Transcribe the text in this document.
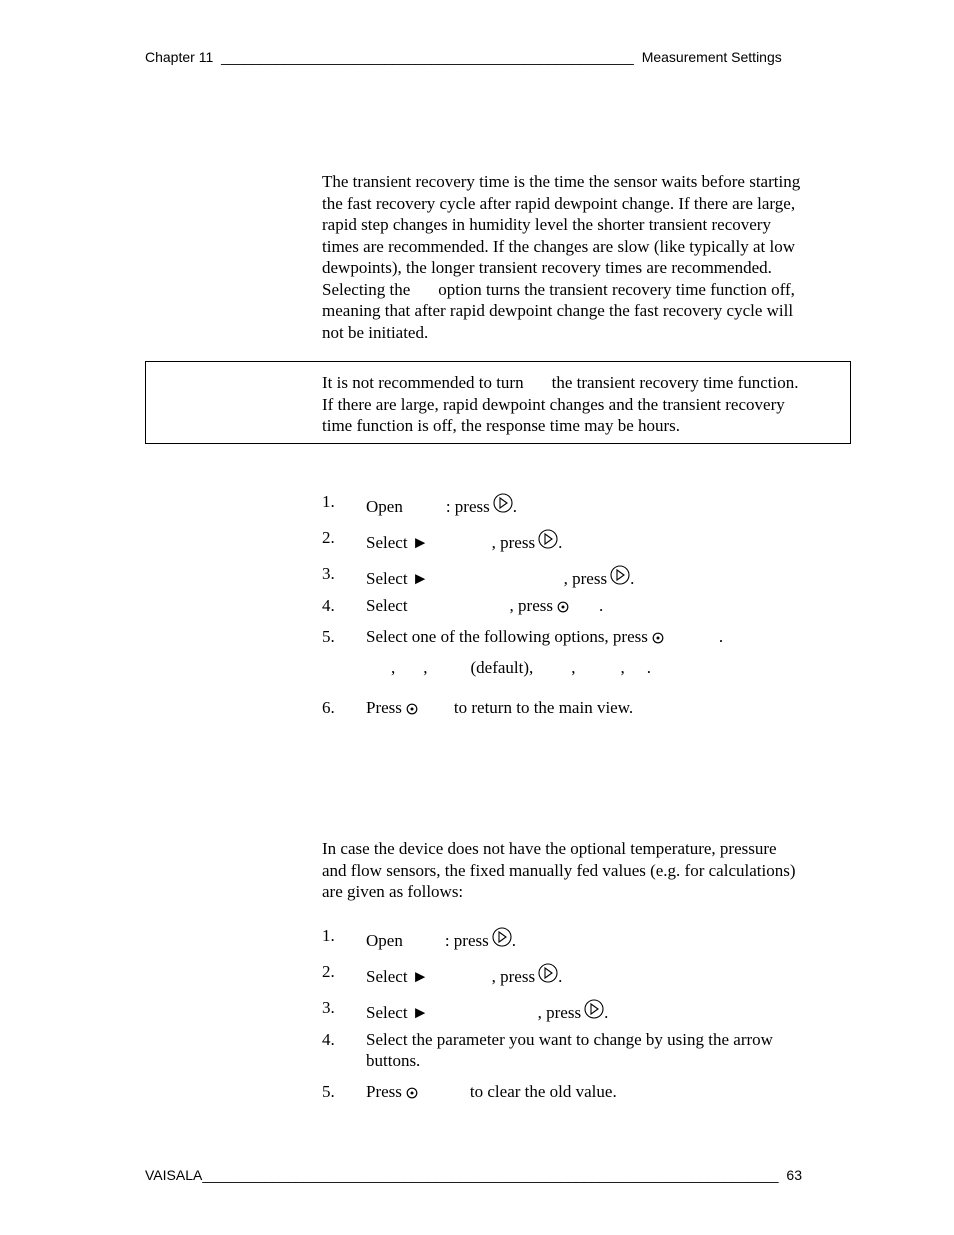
Chapter 11 _____________________________________________________ Measurement Settings
The transient recovery time is the time the sensor waits before starting
the fast recovery cycle after rapid dewpoint change. If there are large,
rapid step changes in humidity level the shorter transient recovery
times are recommended. If the changes are slow (like typically at low
dewpoints), the longer transient recovery times are recommended.
Selecting the option turns the transient recovery time function off,
meaning that after rapid dewpoint change the fast recovery cycle will
not be initiated.
It is not recommended to turn the transient recovery time function.
If there are large, rapid dewpoint changes and the transient recovery
time function is off, the response time may be hours.
1. Open	: press .
2. Select ►	, press .
3. Select ►	, press .
4. Select	, press	.
5. Select one of the following options, press	.
, ,	(default), ,	, .
6. Press	to return to the main view.
In case the device does not have the optional temperature, pressure
and flow sensors, the fixed manually fed values (e.g. for calculations)
are given as follows:
1. Open : press .
2. Select ►	, press .
3. Select ►	, press .
4. Select the parameter you want to change by using the arrow
buttons.
5. Press	to clear the old value.
VAISALA__________________________________________________________________________ 63
